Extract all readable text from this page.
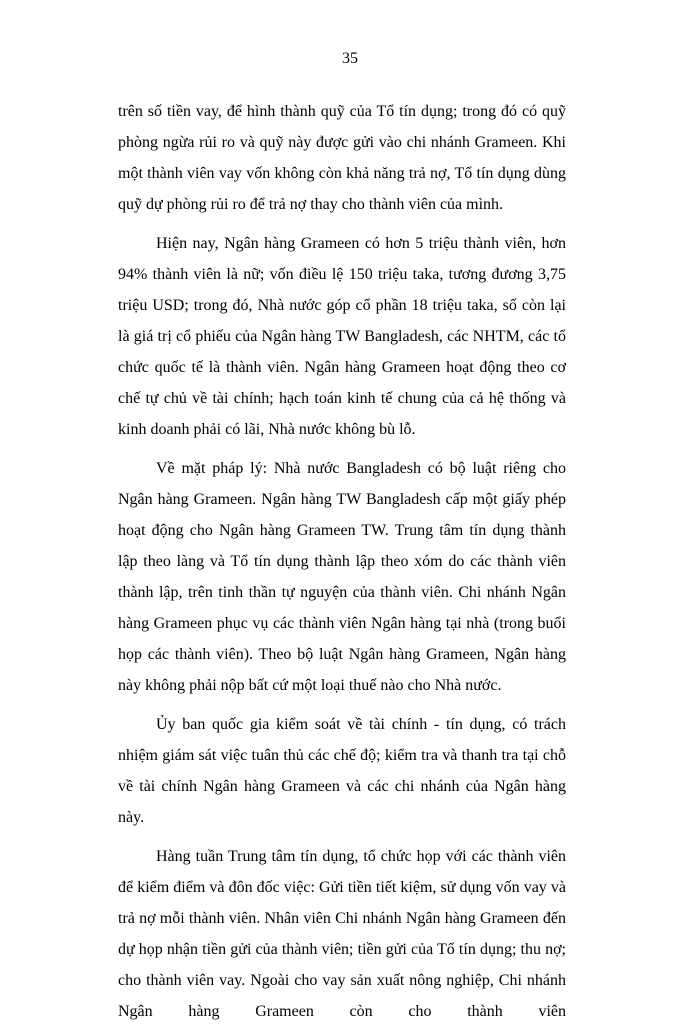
35

trên số tiền vay, để hình thành quỹ của Tổ tín dụng; trong đó có quỹ phòng ngừa rủi ro và quỹ này được gửi vào chi nhánh Grameen. Khi một thành viên vay vốn không còn khả năng trả nợ, Tổ tín dụng dùng quỹ dự phòng rủi ro để trả nợ thay cho thành viên của mình.

Hiện nay, Ngân hàng Grameen có hơn 5 triệu thành viên, hơn 94% thành viên là nữ; vốn điều lệ 150 triệu taka, tương đương 3,75 triệu USD; trong đó, Nhà nước góp cổ phần 18 triệu taka, số còn lại là giá trị cổ phiếu của Ngân hàng TW Bangladesh, các NHTM, các tổ chức quốc tế là thành viên. Ngân hàng Grameen hoạt động theo cơ chế tự chủ về tài chính; hạch toán kinh tế chung của cả hệ thống và kinh doanh phải có lãi, Nhà nước không bù lỗ.

Về mặt pháp lý: Nhà nước Bangladesh có bộ luật riêng cho Ngân hàng Grameen. Ngân hàng TW Bangladesh cấp một giấy phép hoạt động cho Ngân hàng Grameen TW. Trung tâm tín dụng thành lập theo làng và Tổ tín dụng thành lập theo xóm do các thành viên thành lập, trên tinh thần tự nguyện của thành viên. Chi nhánh Ngân hàng Grameen phục vụ các thành viên Ngân hàng tại nhà (trong buổi họp các thành viên). Theo bộ luật Ngân hàng Grameen, Ngân hàng này không phải nộp bất cứ một loại thuế nào cho Nhà nước.

Ủy ban quốc gia kiểm soát về tài chính - tín dụng, có trách nhiệm giám sát việc tuân thủ các chế độ; kiểm tra và thanh tra tại chỗ về tài chính Ngân hàng Grameen và các chi nhánh của Ngân hàng này.

Hàng tuần Trung tâm tín dụng, tổ chức họp với các thành viên để kiểm điểm và đôn đốc việc: Gửi tiền tiết kiệm, sử dụng vốn vay và trả nợ mỗi thành viên. Nhân viên Chi nhánh Ngân hàng Grameen đến dự họp nhận tiền gửi của thành viên; tiền gửi của Tổ tín dụng; thu nợ; cho thành viên vay. Ngoài cho vay sản xuất nông nghiệp, Chi nhánh Ngân hàng Grameen còn cho thành viên
